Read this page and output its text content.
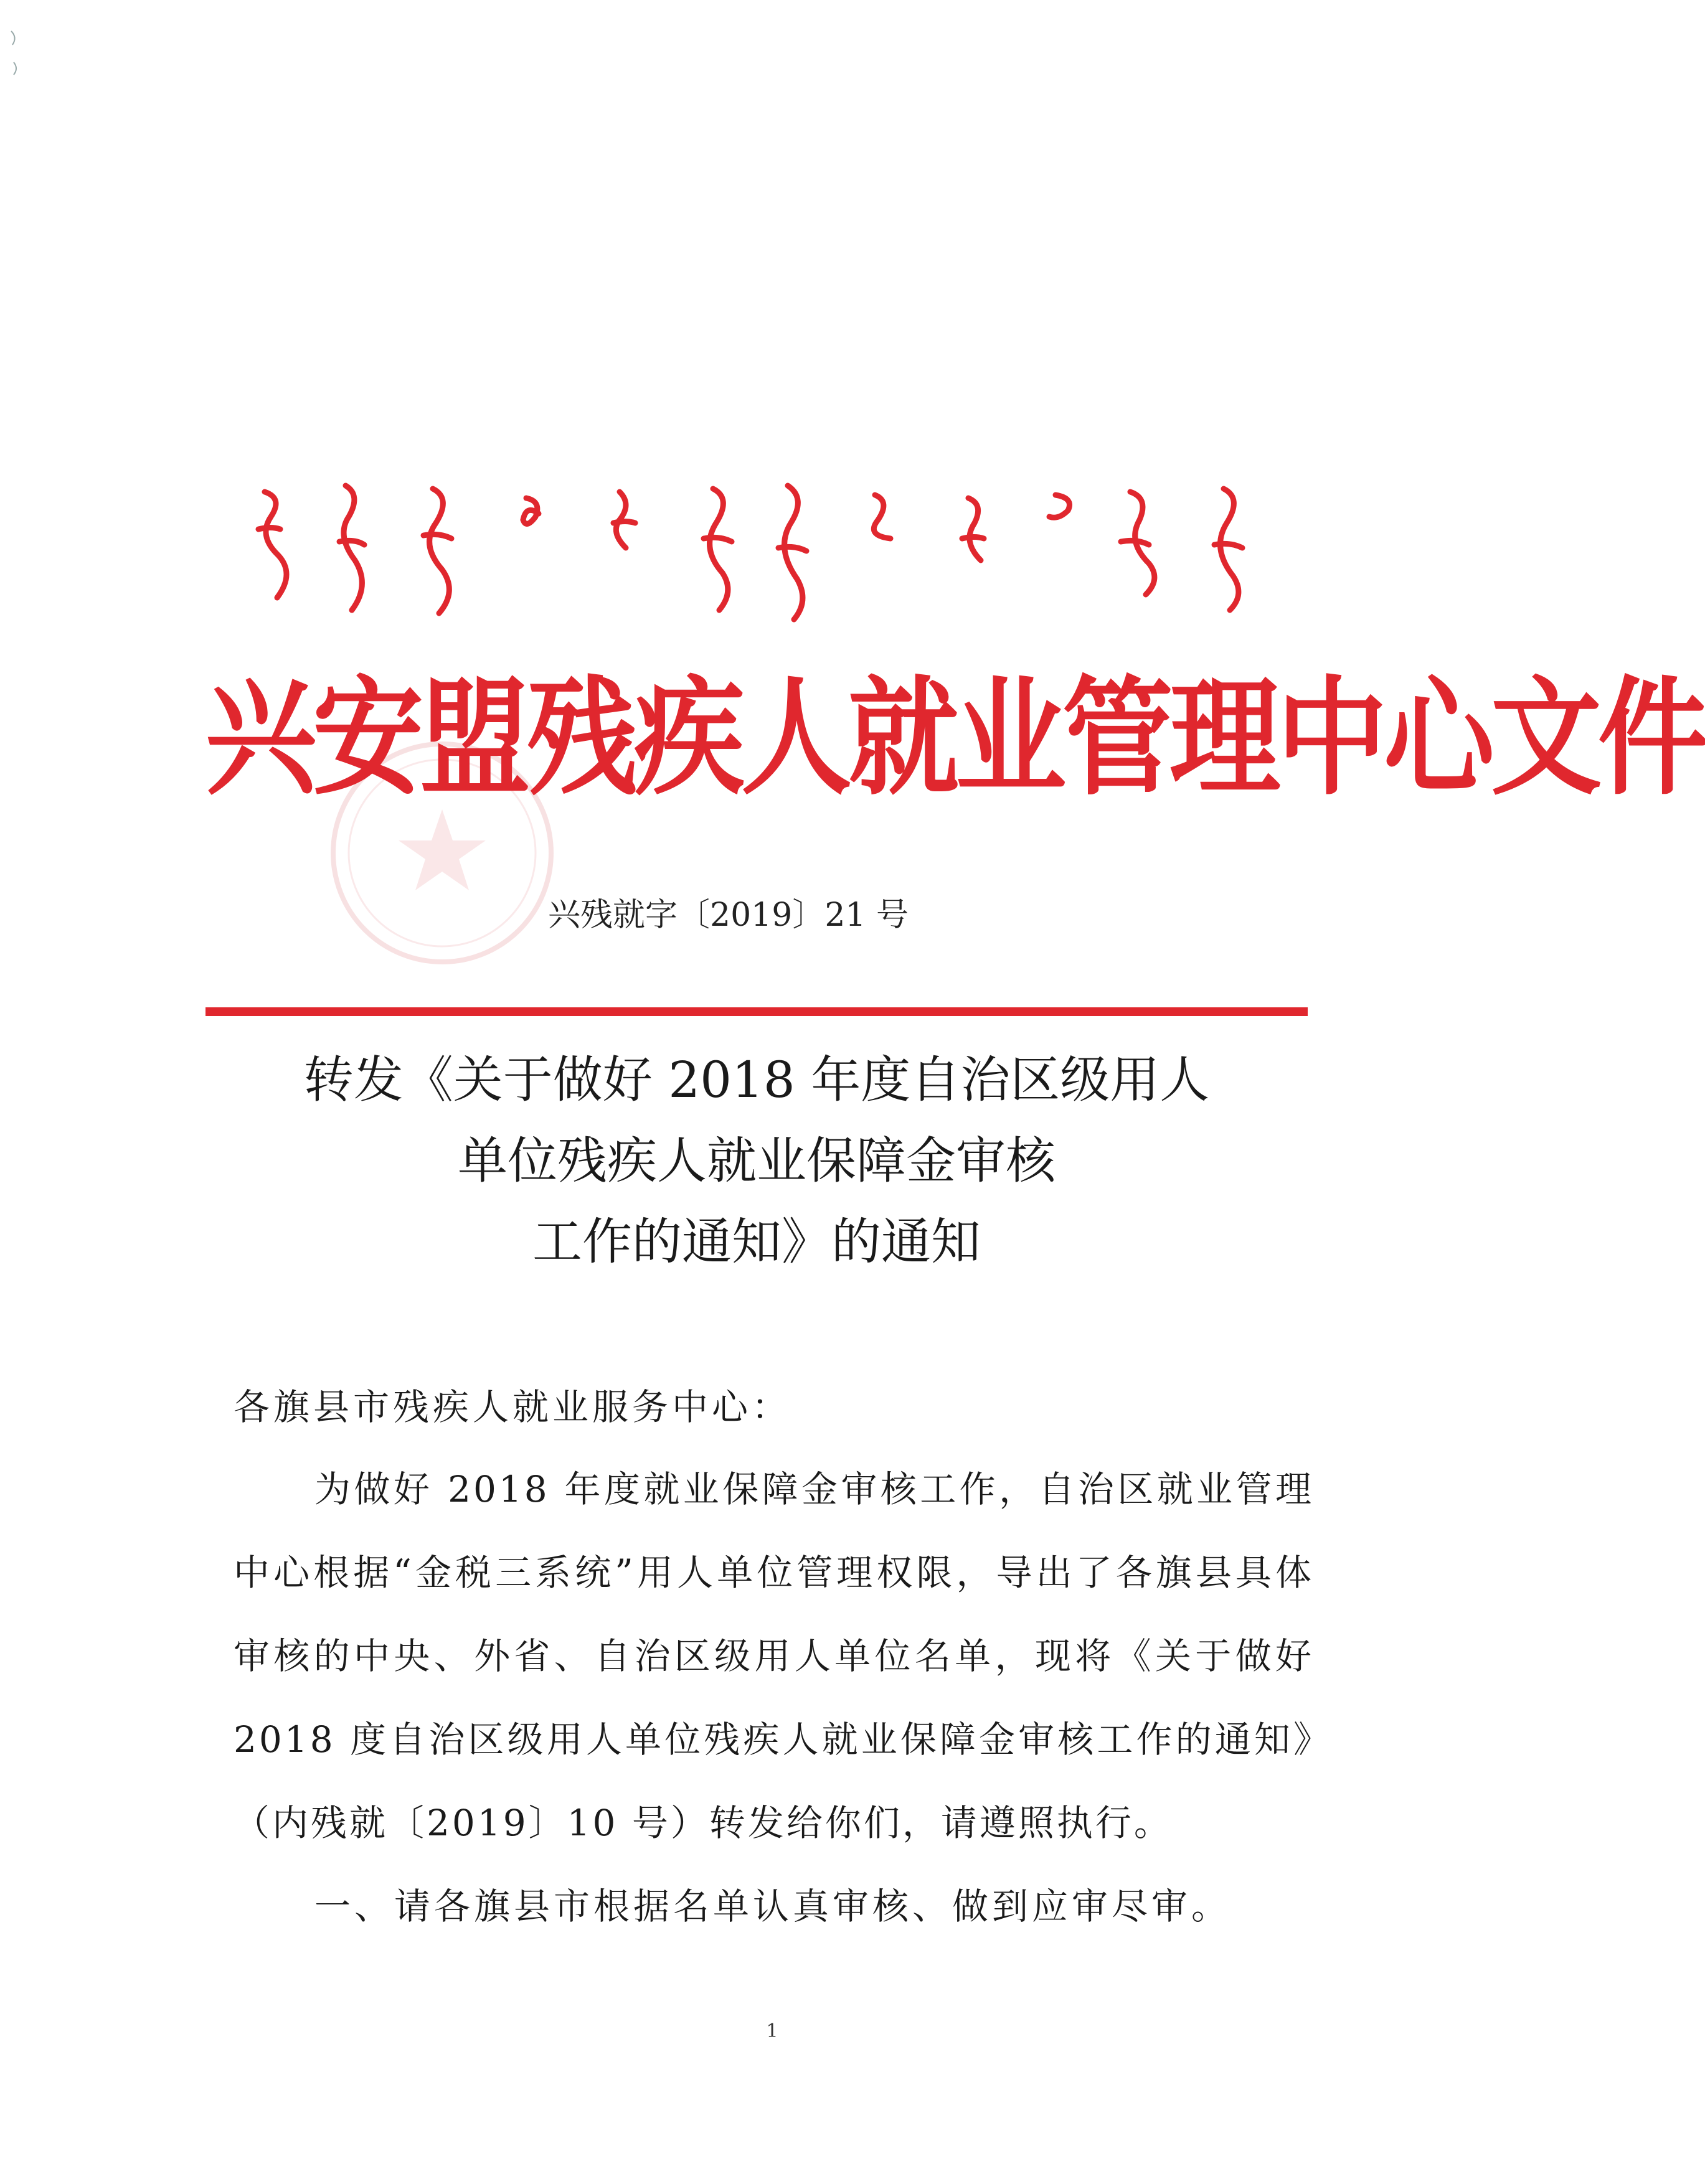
兴安盟残疾人就业管理中心文件
兴残就字〔2019〕21 号
转发《关于做好 2018 年度自治区级用人
单位残疾人就业保障金审核
工作的通知》的通知
各旗县市残疾人就业服务中心：

为做好 2018 年度就业保障金审核工作，自治区就业管理中心根据“金税三系统”用人单位管理权限，导出了各旗县具体审核的中央、外省、自治区级用人单位名单，现将《关于做好 2018 度自治区级用人单位残疾人就业保障金审核工作的通知》（内残就〔2019〕10 号）转发给你们，请遵照执行。

一、请各旗县市根据名单认真审核、做到应审尽审。

1
